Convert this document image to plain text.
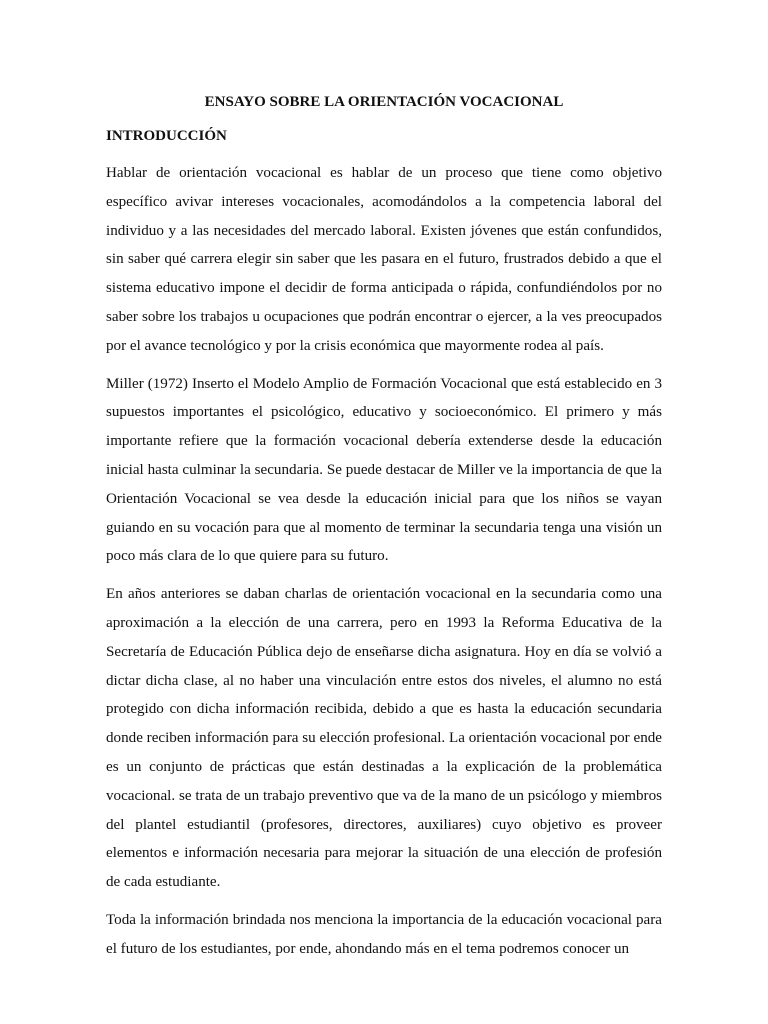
ENSAYO SOBRE LA ORIENTACIÓN VOCACIONAL
INTRODUCCIÓN

Hablar de orientación vocacional es hablar de un proceso que tiene como objetivo específico avivar intereses vocacionales, acomodándolos a la competencia laboral del individuo y a las necesidades del mercado laboral. Existen jóvenes que están confundidos, sin saber qué carrera elegir sin saber que les pasara en el futuro, frustrados debido a que el sistema educativo impone el decidir de forma anticipada o rápida, confundiéndolos por no saber sobre los trabajos u ocupaciones que podrán encontrar o ejercer, a la ves preocupados por el avance tecnológico y por la crisis económica que mayormente rodea al país.

Miller (1972) Inserto el Modelo Amplio de Formación Vocacional que está establecido en 3 supuestos importantes el psicológico, educativo y socioeconómico. El primero y más importante refiere que la formación vocacional debería extenderse desde la educación inicial hasta culminar la secundaria. Se puede destacar de Miller ve la importancia de que la Orientación Vocacional se vea desde la educación inicial para que los niños se vayan guiando en su vocación para que al momento de terminar la secundaria tenga una visión un poco más clara de lo que quiere para su futuro.

En años anteriores se daban charlas de orientación vocacional en la secundaria como una aproximación a la elección de una carrera, pero en 1993 la Reforma Educativa de la Secretaría de Educación Pública dejo de enseñarse dicha asignatura. Hoy en día se volvió a dictar dicha clase, al no haber una vinculación entre estos dos niveles, el alumno no está protegido con dicha información recibida, debido a que es hasta la educación secundaria donde reciben información para su elección profesional. La orientación vocacional por ende es un conjunto de prácticas que están destinadas a la explicación de la problemática vocacional. se trata de un trabajo preventivo que va de la mano de un psicólogo y miembros del plantel estudiantil (profesores, directores, auxiliares) cuyo objetivo es proveer elementos e información necesaria para mejorar la situación de una elección de profesión de cada estudiante.

Toda la información brindada nos menciona la importancia de la educación vocacional para el futuro de los estudiantes, por ende, ahondando más en el tema podremos conocer un
